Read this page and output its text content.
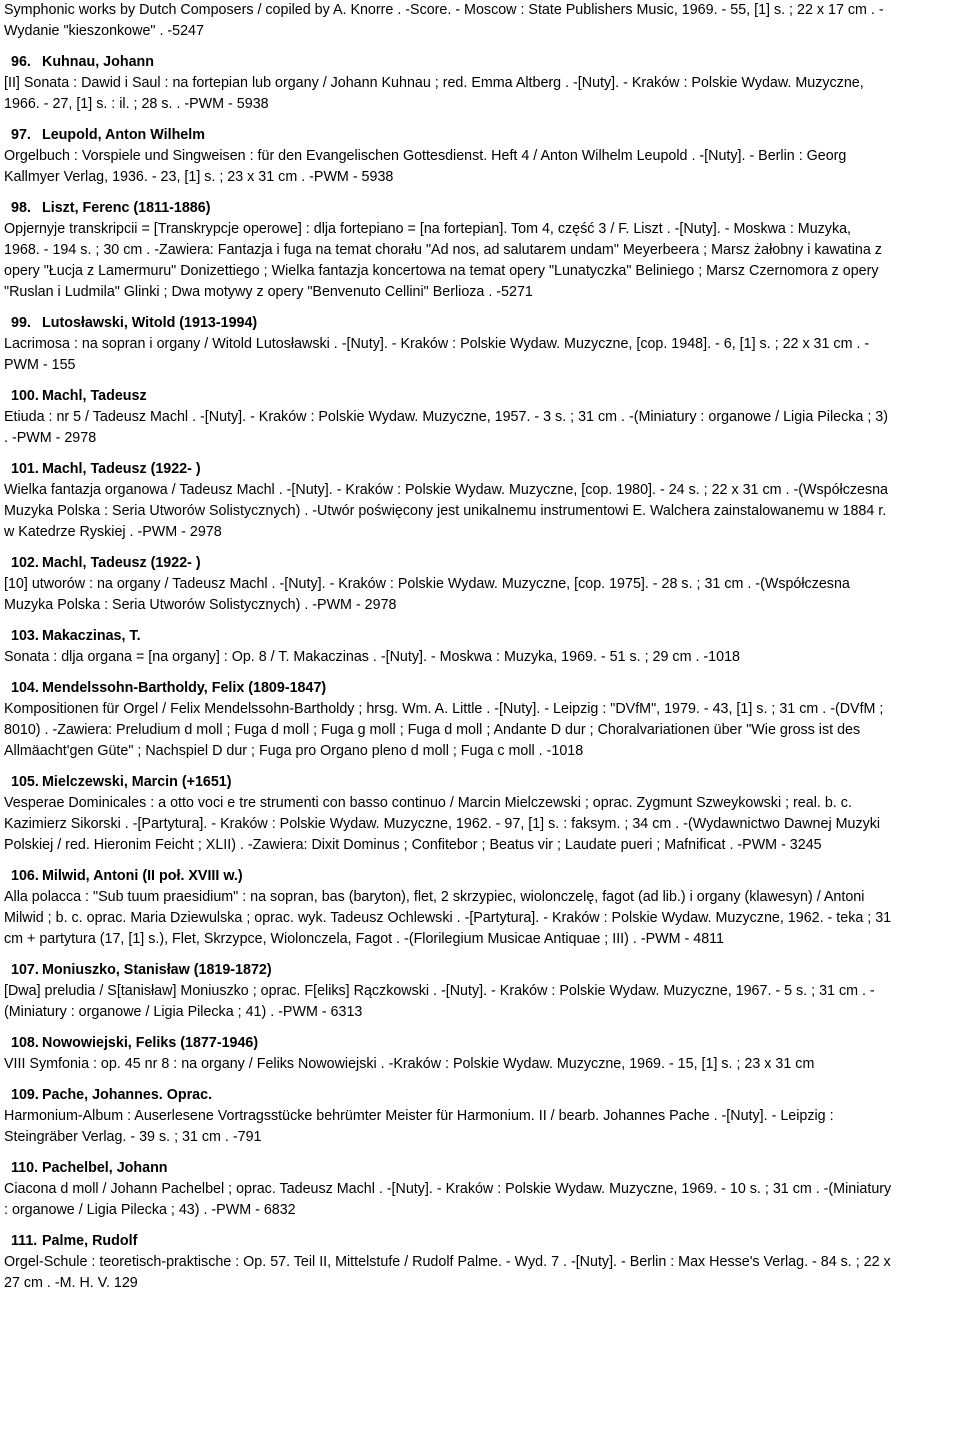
Symphonic works by Dutch Composers / copiled by A. Knorre . -Score. - Moscow : State Publishers Music, 1969. - 55, [1] s. ; 22 x 17 cm . -
Wydanie "kieszonkowe" . -5247
96. Kuhnau, Johann
[II] Sonata : Dawid i Saul : na fortepian lub organy / Johann Kuhnau ; red. Emma Altberg . -[Nuty]. - Kraków : Polskie Wydaw. Muzyczne,
1966. - 27, [1] s. : il. ; 28 s. . -PWM - 5938
97. Leupold, Anton Wilhelm
Orgelbuch : Vorspiele und Singweisen : für den Evangelischen Gottesdienst. Heft 4 / Anton Wilhelm Leupold . -[Nuty]. - Berlin : Georg
Kallmyer Verlag, 1936. - 23, [1] s. ; 23 x 31 cm . -PWM - 5938
98. Liszt, Ferenc (1811-1886)
Opjernyje transkripcii = [Transkrypcje operowe] : dlja fortepiano = [na fortepian]. Tom 4, część 3 / F. Liszt . -[Nuty]. - Moskwa : Muzyka,
1968. - 194 s. ; 30 cm . -Zawiera: Fantazja i fuga na temat chorału "Ad nos, ad salutarem undam" Meyerbeera ; Marsz żałobny i kawatina z
opery "Łucja z Lamermuru" Donizettiego ; Wielka fantazja koncertowa na temat opery "Lunatyczka" Beliniego ; Marsz Czernomora z opery
"Ruslan i Ludmila" Glinki ; Dwa motywy z opery "Benvenuto Cellini" Berlioza . -5271
99. Lutosławski, Witold (1913-1994)
Lacrimosa : na sopran i organy / Witold Lutosławski . -[Nuty]. - Kraków : Polskie Wydaw. Muzyczne, [cop. 1948]. - 6, [1] s. ; 22 x 31 cm . -
PWM - 155
100. Machl, Tadeusz
Etiuda : nr 5 / Tadeusz Machl . -[Nuty]. - Kraków : Polskie Wydaw. Muzyczne, 1957. - 3 s. ; 31 cm . -(Miniatury : organowe / Ligia Pilecka ; 3)
. -PWM - 2978
101. Machl, Tadeusz (1922- )
Wielka fantazja organowa / Tadeusz Machl . -[Nuty]. - Kraków : Polskie Wydaw. Muzyczne, [cop. 1980]. - 24 s. ; 22 x 31 cm . -(Współczesna
Muzyka Polska : Seria Utworów Solistycznych) . -Utwór poświęcony jest unikalnemu instrumentowi E. Walchera zainstalowanemu w 1884 r.
w Katedrze Ryskiej . -PWM - 2978
102. Machl, Tadeusz (1922- )
[10] utworów : na organy / Tadeusz Machl . -[Nuty]. - Kraków : Polskie Wydaw. Muzyczne, [cop. 1975]. - 28 s. ; 31 cm . -(Współczesna
Muzyka Polska : Seria Utworów Solistycznych) . -PWM - 2978
103. Makaczinas, T.
Sonata : dlja organa = [na organy] : Op. 8 / T. Makaczinas . -[Nuty]. - Moskwa : Muzyka, 1969. - 51 s. ; 29 cm . -1018
104. Mendelssohn-Bartholdy, Felix (1809-1847)
Kompositionen für Orgel / Felix Mendelssohn-Bartholdy ; hrsg. Wm. A. Little . -[Nuty]. - Leipzig : "DVfM", 1979. - 43, [1] s. ; 31 cm . -(DVfM ;
8010) . -Zawiera: Preludium d moll ; Fuga d moll ; Fuga g moll ; Fuga d moll ; Andante D dur ; Choralvariationen über "Wie gross ist des
Allmäacht'gen Güte" ; Nachspiel D dur ; Fuga pro Organo pleno d moll ; Fuga c moll . -1018
105. Mielczewski, Marcin (+1651)
Vesperae Dominicales : a otto voci e tre strumenti con basso continuo / Marcin Mielczewski ; oprac. Zygmunt Szweykowski ; real. b. c.
Kazimierz Sikorski . -[Partytura]. - Kraków : Polskie Wydaw. Muzyczne, 1962. - 97, [1] s. : faksym. ; 34 cm . -(Wydawnictwo Dawnej Muzyki
Polskiej / red. Hieronim Feicht ; XLII) . -Zawiera: Dixit Dominus ; Confitebor ; Beatus vir ; Laudate pueri ; Mafnificat . -PWM - 3245
106. Milwid, Antoni (II poł. XVIII w.)
Alla polacca : "Sub tuum praesidium" : na sopran, bas (baryton), flet, 2 skrzypiec, wiolonczelę, fagot (ad lib.) i organy (klawesyn) / Antoni
Milwid ; b. c. oprac. Maria Dziewulska ; oprac. wyk. Tadeusz Ochlewski . -[Partytura]. - Kraków : Polskie Wydaw. Muzyczne, 1962. - teka ; 31
cm + partytura (17, [1] s.), Flet, Skrzypce, Wiolonczela, Fagot . -(Florilegium Musicae Antiquae ; III) . -PWM - 4811
107. Moniuszko, Stanisław (1819-1872)
[Dwa] preludia / S[tanisław] Moniuszko ; oprac. F[eliks] Rączkowski . -[Nuty]. - Kraków : Polskie Wydaw. Muzyczne, 1967. - 5 s. ; 31 cm . -
(Miniatury : organowe / Ligia Pilecka ; 41) . -PWM - 6313
108. Nowowiejski, Feliks (1877-1946)
VIII Symfonia : op. 45 nr 8 : na organy / Feliks Nowowiejski . -Kraków : Polskie Wydaw. Muzyczne, 1969. - 15, [1] s. ; 23 x 31 cm
109. Pache, Johannes. Oprac.
Harmonium-Album : Auserlesene Vortragsstücke behrümter Meister für Harmonium. II / bearb. Johannes Pache . -[Nuty]. - Leipzig :
Steingräber Verlag. - 39 s. ; 31 cm . -791
110. Pachelbel, Johann
Ciacona d moll / Johann Pachelbel ; oprac. Tadeusz Machl . -[Nuty]. - Kraków : Polskie Wydaw. Muzyczne, 1969. - 10 s. ; 31 cm . -(Miniatury
: organowe / Ligia Pilecka ; 43) . -PWM - 6832
111. Palme, Rudolf
Orgel-Schule : teoretisch-praktische : Op. 57. Teil II, Mittelstufe / Rudolf Palme. - Wyd. 7 . -[Nuty]. - Berlin : Max Hesse's Verlag. - 84 s. ; 22 x
27 cm . -M. H. V. 129
